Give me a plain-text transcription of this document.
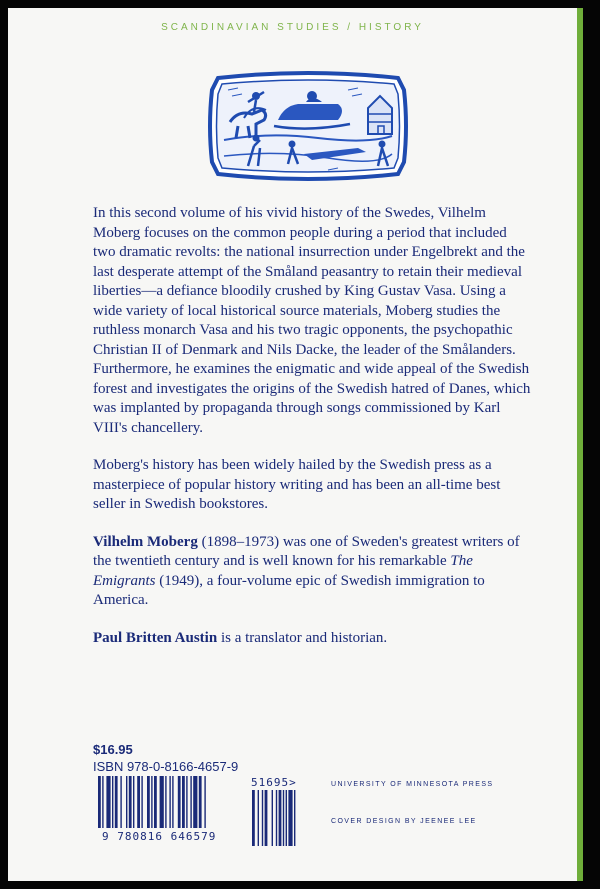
SCANDINAVIAN STUDIES / HISTORY

In this second volume of his vivid history of the Swedes, Vilhelm Moberg focuses on the common people during a period that included two dramatic revolts: the national insurrection under Engelbrekt and the last desperate attempt of the Småland peasantry to retain their medieval liberties—a defiance bloodily crushed by King Gustav Vasa. Using a wide variety of local historical source materials, Moberg studies the ruthless monarch Vasa and his two tragic opponents, the psychopathic Christian II of Denmark and Nils Dacke, the leader of the Smålanders. Furthermore, he examines the enigmatic and wide appeal of the Swedish forest and investigates the origins of the Swedish hatred of Danes, which was implanted by propaganda through songs commissioned by Karl VIII's chancellery.

Moberg's history has been widely hailed by the Swedish press as a masterpiece of popular history writing and has been an all-time best seller in Swedish bookstores.

Vilhelm Moberg (1898–1973) was one of Sweden's greatest writers of the twentieth century and is well known for his remarkable The Emigrants (1949), a four-volume epic of Swedish immigration to America.

Paul Britten Austin is a translator and historian.

$16.95
ISBN 978-0-8166-4657-9
9 780816 646579
51695>	UNIVERSITY OF MINNESOTA PRESS
COVER DESIGN BY JEENEE LEE
